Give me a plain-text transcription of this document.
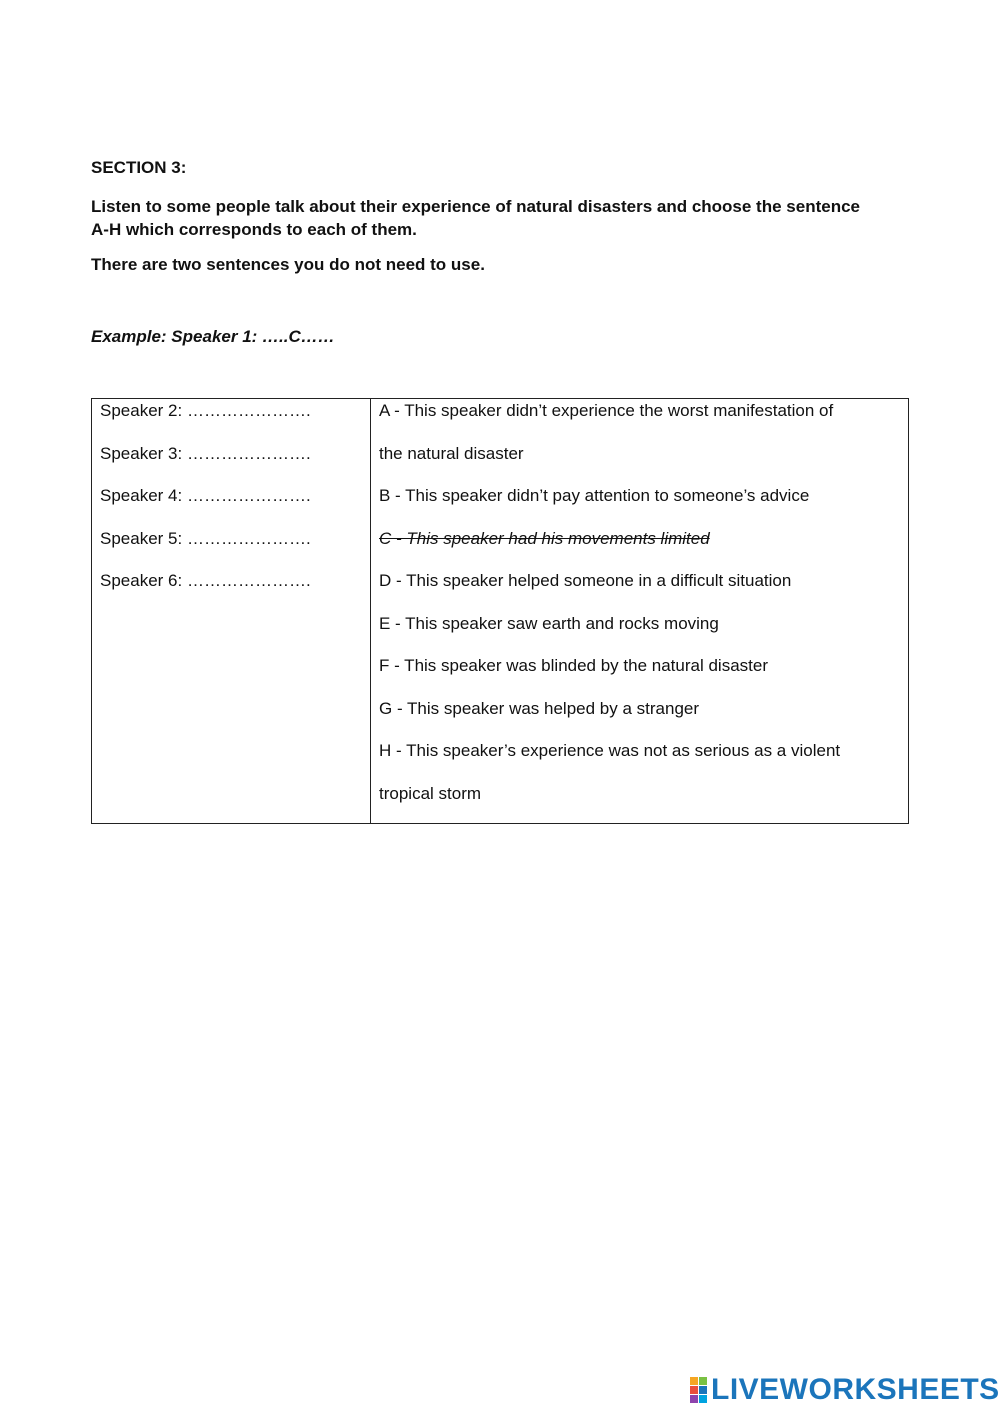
SECTION 3:

Listen to some people talk about their experience of natural disasters and choose the sentence A-H which corresponds to each of them.

There are two sentences you do not need to use.

Example: Speaker 1: …..C……

Speaker 2: ………………….
Speaker 3: ………………….
Speaker 4: ………………….
Speaker 5: ………………….
Speaker 6: ………………….
A - This speaker didn’t experience the worst manifestation of
the natural disaster
B - This speaker didn’t pay attention to someone’s advice
C - This speaker had his movements limited
D - This speaker helped someone in a difficult situation
E - This speaker saw earth and rocks moving
F - This speaker was blinded by the natural disaster
G - This speaker was helped by a stranger
H - This speaker’s experience was not as serious as a violent
tropical storm
LIVEWORKSHEETS
